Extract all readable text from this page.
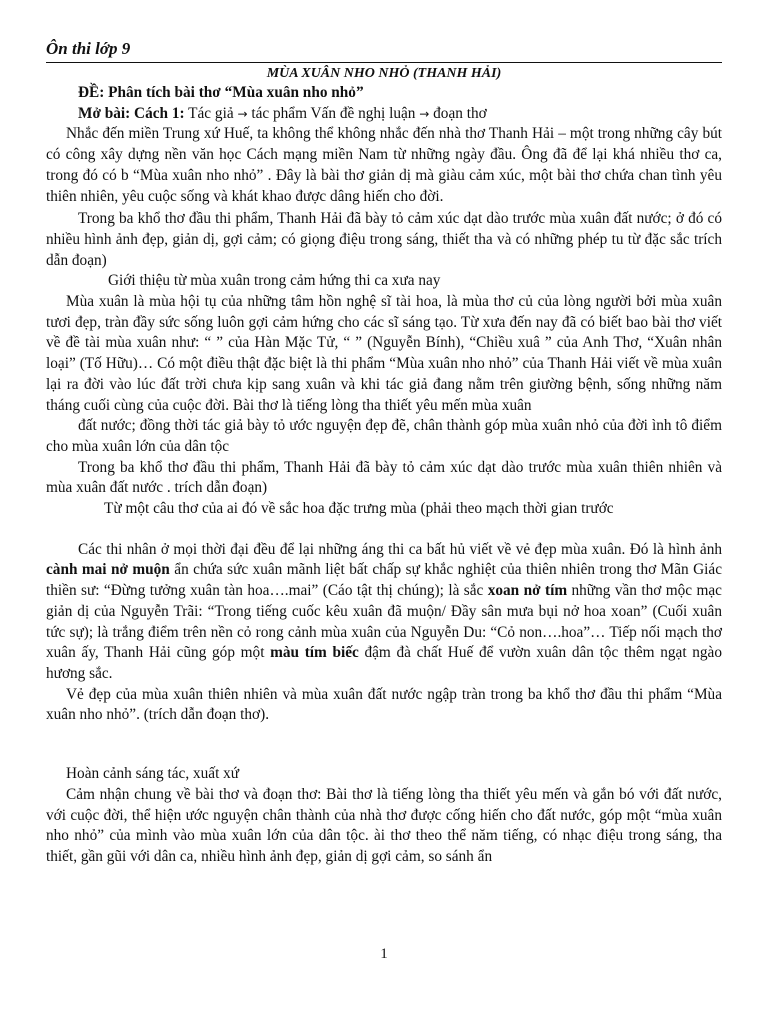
Ôn thi lớp 9
MÙA XUÂN NHO NHỎ (THANH HẢI)

ĐỀ: Phân tích bài thơ “Mùa xuân nho nhỏ”

Mở bài: Cách 1: Tác giả → tác phẩm Vấn đề nghị luận → đoạn thơ

Nhắc đến miền Trung xứ Huế, ta không thể không nhắc đến nhà thơ Thanh Hải – một trong những cây bút có công xây dựng nền văn học Cách mạng miền Nam từ những ngày đầu. Ông đã để lại khá nhiều thơ ca, trong đó có b “Mùa xuân nho nhỏ” . Đây là bài thơ giản dị mà giàu cảm xúc, một bài thơ chứa chan tình yêu thiên nhiên, yêu cuộc sống và khát khao được dâng hiến cho đời.

Trong ba khổ thơ đầu thi phẩm, Thanh Hải đã bày tỏ cảm xúc dạt dào trước mùa xuân đất nước; ở đó có nhiều hình ảnh đẹp, giản dị, gợi cảm; có giọng điệu trong sáng, thiết tha và có những phép tu từ đặc sắc trích dẫn đoạn)

Giới thiệu từ mùa xuân trong cảm hứng thi ca xưa nay

Mùa xuân là mùa hội tụ của những tâm hồn nghệ sĩ tài hoa, là mùa thơ củ của lòng người bởi mùa xuân tươi đẹp, tràn đầy sức sống luôn gợi cảm hứng cho các sĩ sáng tạo. Từ xưa đến nay đã có biết bao bài thơ viết về đề tài mùa xuân như: “ ” của Hàn Mặc Tử, “ ” (Nguyễn Bính), “Chiều xuâ ” của Anh Thơ, “Xuân nhân loại” (Tố Hữu)… Có một điều thật đặc biệt là thi phẩm “Mùa xuân nho nhỏ” của Thanh Hải viết về mùa xuân lại ra đời vào lúc đất trời chưa kịp sang xuân và khi tác giả đang nằm trên giường bệnh, sống những năm tháng cuối cùng của cuộc đời. Bài thơ là tiếng lòng tha thiết yêu mến mùa xuân

đất nước; đồng thời tác giả bày tỏ ước nguyện đẹp đẽ, chân thành góp mùa xuân nhỏ của đời ình tô điểm cho mùa xuân lớn của dân tộc

Trong ba khổ thơ đầu thi phẩm, Thanh Hải đã bày tỏ cảm xúc dạt dào trước mùa xuân thiên nhiên và mùa xuân đất nước . trích dẫn đoạn)

Từ một câu thơ của ai đó về sắc hoa đặc trưng mùa (phải theo mạch thời gian trước

Các thi nhân ở mọi thời đại đều để lại những áng thi ca bất hủ viết về vẻ đẹp mùa xuân. Đó là hình ảnh cành mai nở muộn ẩn chứa sức xuân mãnh liệt bất chấp sự khắc nghiệt của thiên nhiên trong thơ Mãn Giác thiền sư: “Đừng tưởng xuân tàn hoa….mai” (Cáo tật thị chúng); là sắc xoan nở tím những vần thơ mộc mạc giản dị của Nguyễn Trãi: “Trong tiếng cuốc kêu xuân đã muộn/ Đầy sân mưa bụi nở hoa xoan” (Cuối xuân tức sự); là trắng điểm trên nền cỏ rong cảnh mùa xuân của Nguyễn Du: “Cỏ non….hoa”… Tiếp nối mạch thơ xuân ấy, Thanh Hải cũng góp một màu tím biếc đậm đà chất Huế để vườn xuân dân tộc thêm ngạt ngào hương sắc.

Vẻ đẹp của mùa xuân thiên nhiên và mùa xuân đất nước ngập tràn trong ba khổ thơ đầu thi phẩm “Mùa xuân nho nhỏ”. (trích dẫn đoạn thơ).

Hoàn cảnh sáng tác, xuất xứ

Cảm nhận chung về bài thơ và đoạn thơ: Bài thơ là tiếng lòng tha thiết yêu mến và gắn bó với đất nước, với cuộc đời, thể hiện ước nguyện chân thành của nhà thơ được cống hiến cho đất nước, góp một “mùa xuân nho nhỏ” của mình vào mùa xuân lớn của dân tộc. ài thơ theo thể năm tiếng, có nhạc điệu trong sáng, tha thiết, gần gũi với dân ca, nhiều hình ảnh đẹp, giản dị gợi cảm, so sánh ẩn

1
